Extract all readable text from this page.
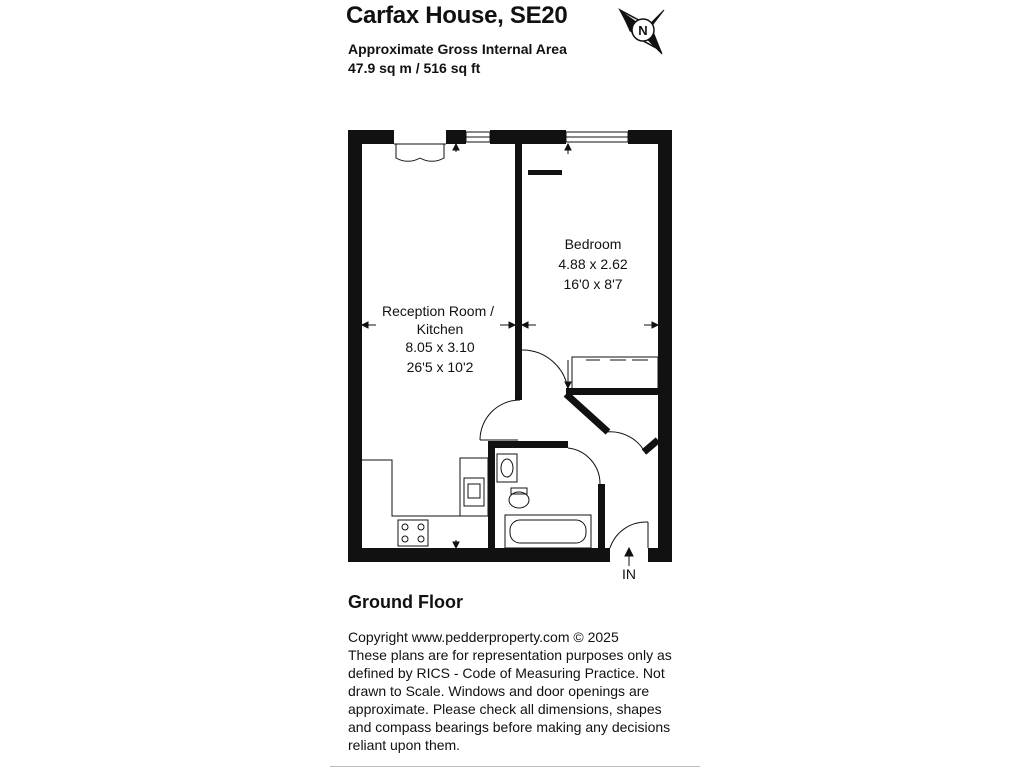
Carfax House, SE20
Approximate Gross Internal Area
47.9 sq m / 516 sq ft
N
Reception Room /
Kitchen
8.05 x 3.10
26'5 x 10'2
Bedroom
4.88 x 2.62
16'0 x 8'7
IN
Ground Floor
Copyright www.pedderproperty.com © 2025
These plans are for representation purposes only as
defined by RICS - Code of Measuring Practice. Not
drawn to Scale. Windows and door openings are
approximate. Please check all dimensions, shapes
and compass bearings before making any decisions
reliant upon them.
